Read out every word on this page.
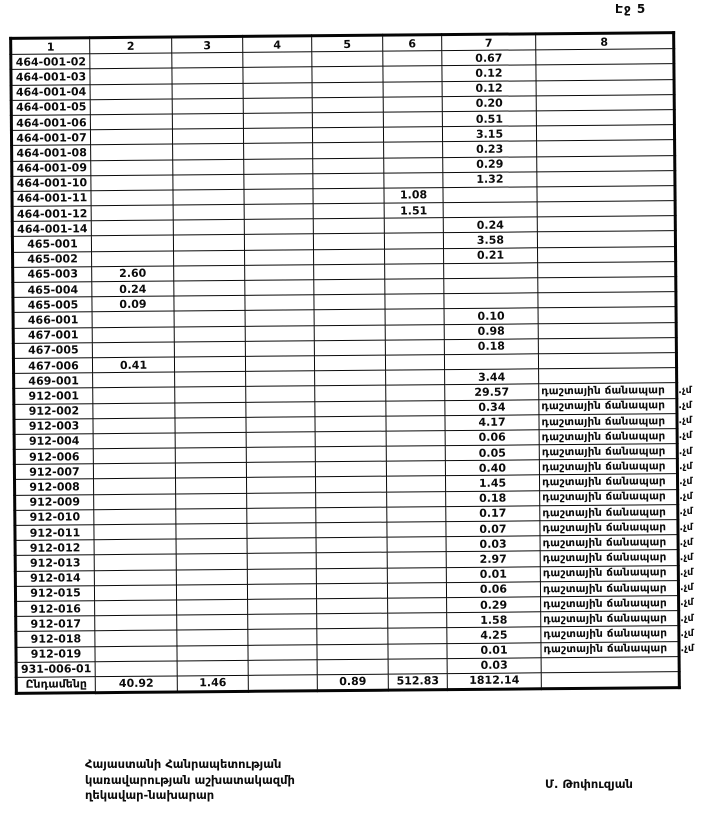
Էջ 5
1	2	3	4	5	6	7	8
464-001-02						0.67	
464-001-03						0.12	
464-001-04						0.12	
464-001-05						0.20	
464-001-06						0.51	
464-001-07						3.15	
464-001-08						0.23	
464-001-09						0.29	
464-001-10						1.32	
464-001-11					1.08		
464-001-12					1.51		
464-001-14						0.24	
465-001						3.58	
465-002						0.21	
465-003	2.60						
465-004	0.24						
465-005	0.09						
466-001						0.10	
467-001						0.98	
467-005						0.18	
467-006	0.41						
469-001						3.44	
912-001						29.57	դաշտային ճանապար .չմ

912-002						0.34	դաշտային ճանապար .չմ

912-003						4.17	դաշտային ճանապար .չմ

912-004						0.06	դաշտային ճանապար .չմ

912-006						0.05	դաշտային ճանապար .չմ

912-007						0.40	դաշտային ճանապար .չմ

912-008						1.45	դաշտային ճանապար .չմ

912-009						0.18	դաշտային ճանապար .չմ

912-010						0.17	դաշտային ճանապար .չմ

912-011						0.07	դաշտային ճանապար .չմ

912-012						0.03	դաշտային ճանապար .չմ

912-013						2.97	դաշտային ճանապար .չմ

912-014						0.01	դաշտային ճանապար .չմ

912-015						0.06	դաշտային ճանապար .չմ

912-016						0.29	դաշտային ճանապար .չմ

912-017						1.58	դաշտային ճանապար .չմ

912-018						4.25	դաշտային ճանապար .չմ

912-019						0.01	դաշտային ճանապար .չմ

931-006-01						0.03	
Ընդամենը	40.92	1.46		0.89	512.83	1812.14	
Հայաստանի Հանրապետության
կառավարության աշխատակազմի
ղեկավար-նախարար
Մ. Թոփուզյան
